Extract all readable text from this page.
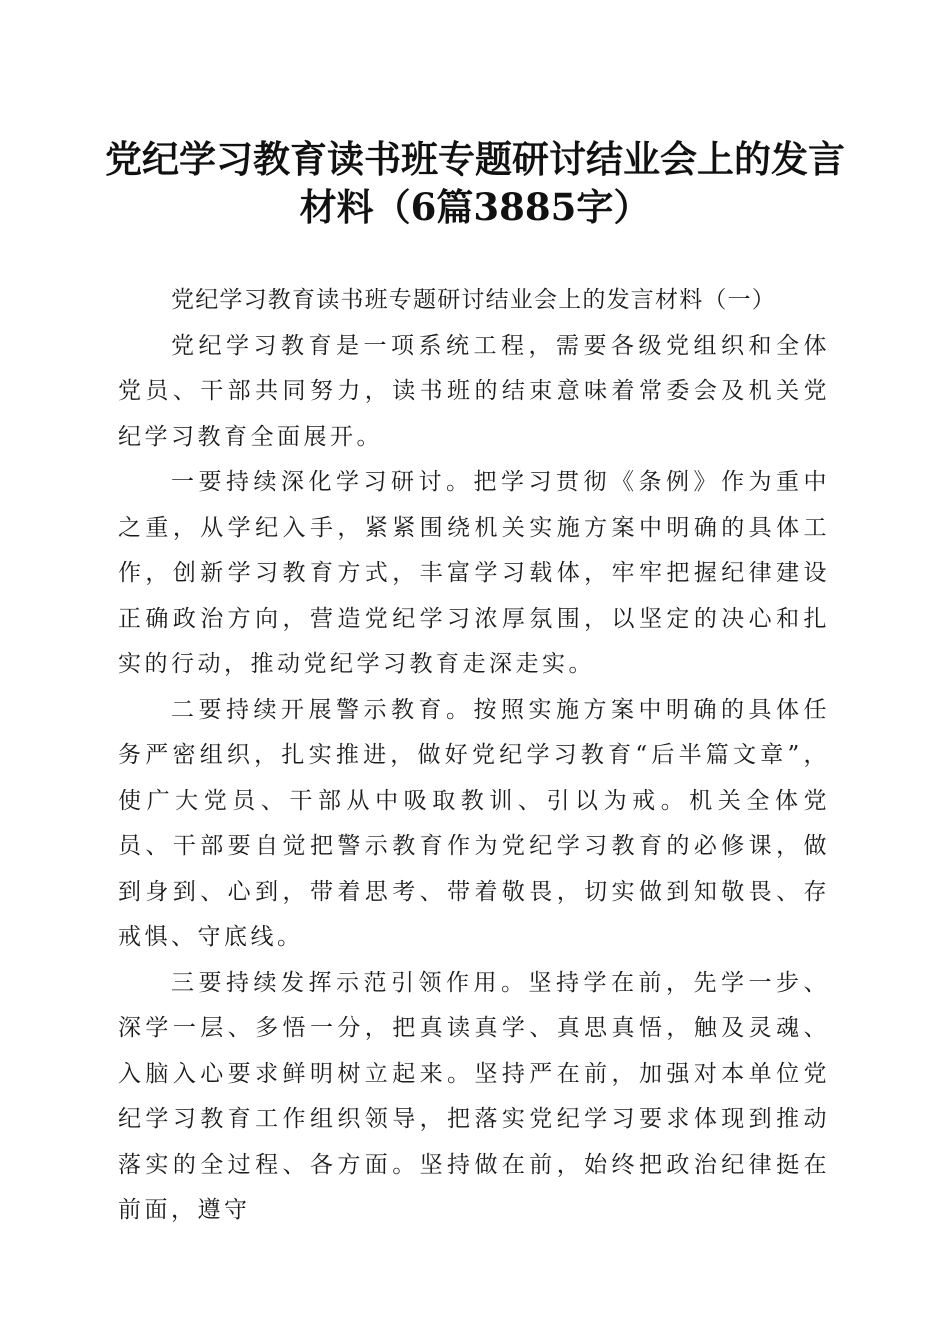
党纪学习教育读书班专题研讨结业会上的发言
材料（6篇3885字）

党纪学习教育读书班专题研讨结业会上的发言材料（一）

党纪学习教育是一项系统工程，需要各级党组织和全体党员、干部共同努力，读书班的结束意味着常委会及机关党纪学习教育全面展开。

一要持续深化学习研讨。把学习贯彻《条例》作为重中之重，从学纪入手，紧紧围绕机关实施方案中明确的具体工作，创新学习教育方式，丰富学习载体，牢牢把握纪律建设正确政治方向，营造党纪学习浓厚氛围，以坚定的决心和扎实的行动，推动党纪学习教育走深走实。

二要持续开展警示教育。按照实施方案中明确的具体任务严密组织，扎实推进，做好党纪学习教育“后半篇文章”，使广大党员、干部从中吸取教训、引以为戒。机关全体党员、干部要自觉把警示教育作为党纪学习教育的必修课，做到身到、心到，带着思考、带着敬畏，切实做到知敬畏、存戒惧、守底线。

三要持续发挥示范引领作用。坚持学在前，先学一步、深学一层、多悟一分，把真读真学、真思真悟，触及灵魂、入脑入心要求鲜明树立起来。坚持严在前，加强对本单位党纪学习教育工作组织领导，把落实党纪学习要求体现到推动落实的全过程、各方面。坚持做在前，始终把政治纪律挺在前面，遵守
